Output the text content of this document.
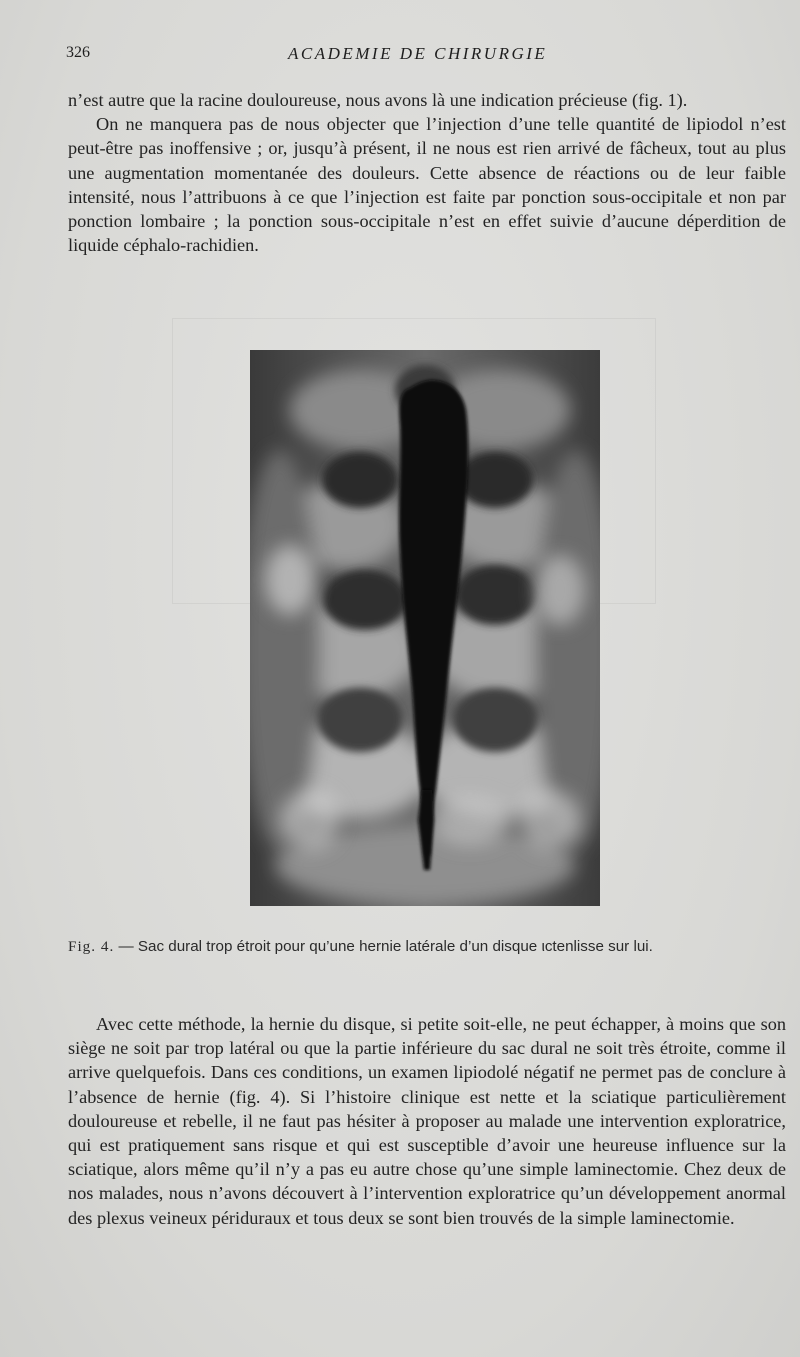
326	ACADEMIE DE CHIRURGIE

n’est autre que la racine douloureuse, nous avons là une indication précieuse (fig. 1).

On ne manquera pas de nous objecter que l’injection d’une telle quantité de lipiodol n’est peut-être pas inoffensive ; or, jusqu’à présent, il ne nous est rien arrivé de fâcheux, tout au plus une augmentation momentanée des douleurs. Cette absence de réactions ou de leur faible intensité, nous l’attribuons à ce que l’injection est faite par ponction sous-occipitale et non par ponction lombaire ; la ponction sous-occipitale n’est en effet suivie d’aucune déperdition de liquide céphalo-rachidien.

Fig. 4. — Sac dural trop étroit pour qu’une hernie latérale d’un disque ιctenlisse sur lui.

Avec cette méthode, la hernie du disque, si petite soit-elle, ne peut échapper, à moins que son siège ne soit par trop latéral ou que la partie inférieure du sac dural ne soit très étroite, comme il arrive quelquefois. Dans ces conditions, un examen lipiodolé négatif ne permet pas de conclure à l’absence de hernie (fig. 4). Si l’histoire clinique est nette et la sciatique particulièrement douloureuse et rebelle, il ne faut pas hésiter à proposer au malade une intervention exploratrice, qui est pratiquement sans risque et qui est susceptible d’avoir une heureuse influence sur la sciatique, alors même qu’il n’y a pas eu autre chose qu’une simple laminectomie. Chez deux de nos malades, nous n’avons découvert à l’intervention exploratrice qu’un développement anormal des plexus veineux périduraux et tous deux se sont bien trouvés de la simple laminectomie.
